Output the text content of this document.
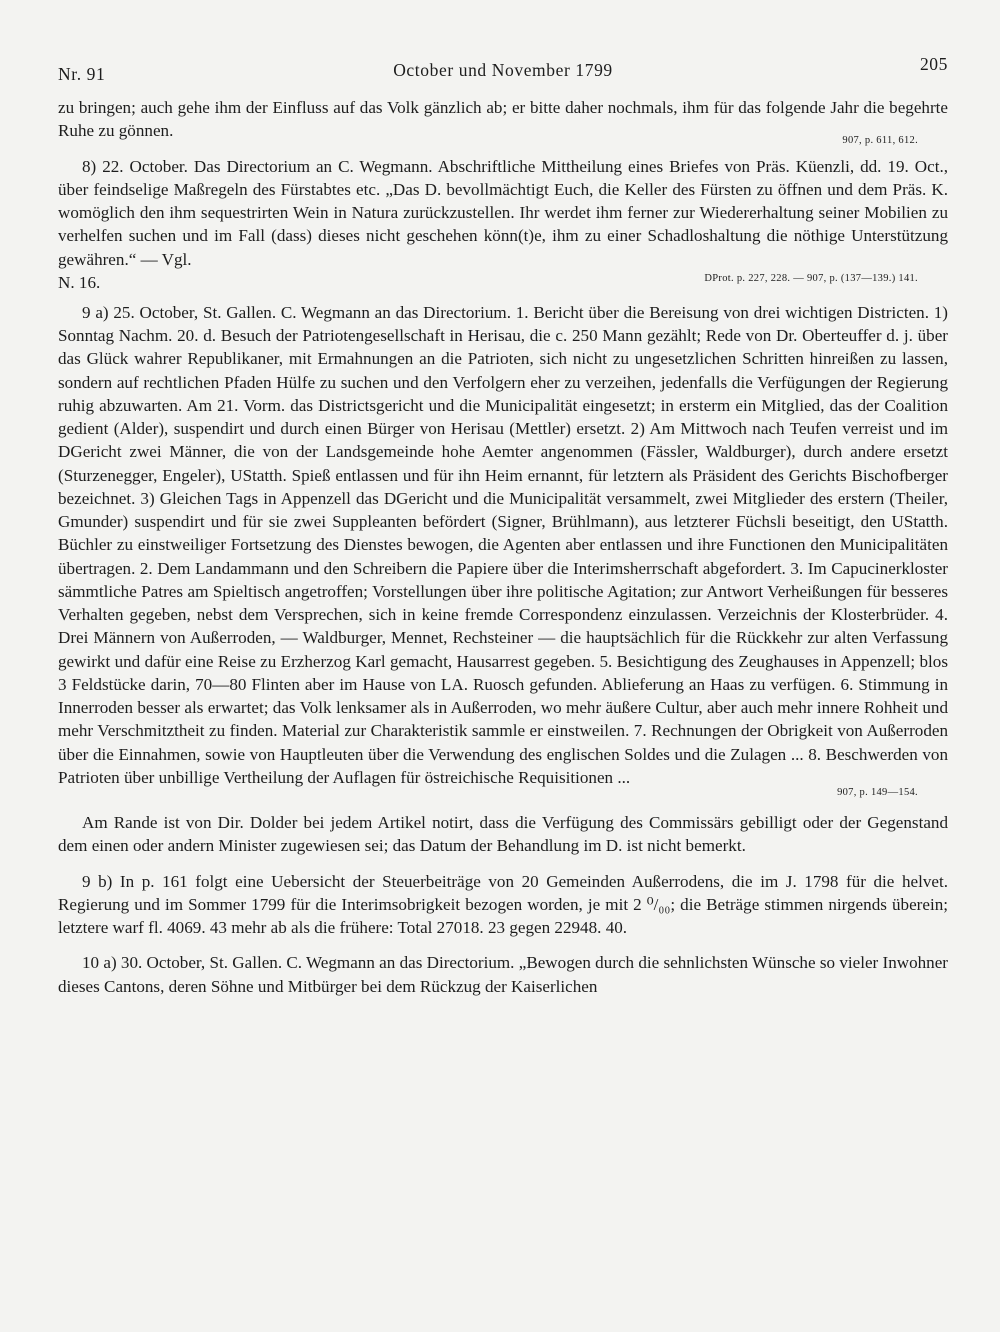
Nr. 91	October und November 1799	205

zu bringen; auch gehe ihm der Einfluss auf das Volk gänzlich ab; er bitte daher nochmals, ihm für das folgende Jahr die begehrte Ruhe zu gönnen.	907, p. 611, 612.

8) 22. October. Das Directorium an C. Wegmann. Abschriftliche Mittheilung eines Briefes von Präs. Küenzli, dd. 19. Oct., über feindselige Maßregeln des Fürstabtes etc. „Das D. bevollmächtigt Euch, die Keller des Fürsten zu öffnen und dem Präs. K. womöglich den ihm sequestrirten Wein in Natura zurückzustellen. Ihr werdet ihm ferner zur Wiedererhaltung seiner Mobilien zu verhelfen suchen und im Fall (dass) dieses nicht geschehen könn(t)e, ihm zu einer Schadloshaltung die nöthige Unterstützung gewähren.“ — Vgl.

N. 16.	DProt. p. 227, 228. — 907, p. (137—139.) 141.

9 a) 25. October, St. Gallen. C. Wegmann an das Directorium. 1. Bericht über die Bereisung von drei wichtigen Districten. 1) Sonntag Nachm. 20. d. Besuch der Patriotengesellschaft in Herisau, die c. 250 Mann gezählt; Rede von Dr. Oberteuffer d. j. über das Glück wahrer Republikaner, mit Ermahnungen an die Patrioten, sich nicht zu ungesetzlichen Schritten hinreißen zu lassen, sondern auf rechtlichen Pfaden Hülfe zu suchen und den Verfolgern eher zu verzeihen, jedenfalls die Verfügungen der Regierung ruhig abzuwarten. Am 21. Vorm. das Districtsgericht und die Municipalität eingesetzt; in ersterm ein Mitglied, das der Coalition gedient (Alder), suspendirt und durch einen Bürger von Herisau (Mettler) ersetzt. 2) Am Mittwoch nach Teufen verreist und im DGericht zwei Männer, die von der Landsgemeinde hohe Aemter angenommen (Fässler, Waldburger), durch andere ersetzt (Sturzenegger, Engeler), UStatth. Spieß entlassen und für ihn Heim ernannt, für letztern als Präsident des Gerichts Bischofberger bezeichnet. 3) Gleichen Tags in Appenzell das DGericht und die Municipalität versammelt, zwei Mitglieder des erstern (Theiler, Gmunder) suspendirt und für sie zwei Suppleanten befördert (Signer, Brühlmann), aus letzterer Füchsli beseitigt, den UStatth. Büchler zu einstweiliger Fortsetzung des Dienstes bewogen, die Agenten aber entlassen und ihre Functionen den Municipalitäten übertragen. 2. Dem Landammann und den Schreibern die Papiere über die Interimsherrschaft abgefordert. 3. Im Capucinerkloster sämmtliche Patres am Spieltisch angetroffen; Vorstellungen über ihre politische Agitation; zur Antwort Verheißungen für besseres Verhalten gegeben, nebst dem Versprechen, sich in keine fremde Correspondenz einzulassen. Verzeichnis der Klosterbrüder. 4. Drei Männern von Außerroden, — Waldburger, Mennet, Rechsteiner — die hauptsächlich für die Rückkehr zur alten Verfassung gewirkt und dafür eine Reise zu Erzherzog Karl gemacht, Hausarrest gegeben. 5. Besichtigung des Zeughauses in Appenzell; blos 3 Feldstücke darin, 70—80 Flinten aber im Hause von LA. Ruosch gefunden. Ablieferung an Haas zu verfügen. 6. Stimmung in Innerroden besser als erwartet; das Volk lenksamer als in Außerroden, wo mehr äußere Cultur, aber auch mehr innere Rohheit und mehr Verschmitztheit zu finden. Material zur Charakteristik sammle er einstweilen. 7. Rechnungen der Obrigkeit von Außerroden über die Einnahmen, sowie von Hauptleuten über die Verwendung des englischen Soldes und die Zulagen ... 8. Beschwerden von Patrioten über unbillige Vertheilung der Auflagen für östreichische Requisitionen ...

907, p. 149—154.

Am Rande ist von Dir. Dolder bei jedem Artikel notirt, dass die Verfügung des Commissärs gebilligt oder der Gegenstand dem einen oder andern Minister zugewiesen sei; das Datum der Behandlung im D. ist nicht bemerkt.

9 b) In p. 161 folgt eine Uebersicht der Steuerbeiträge von 20 Gemeinden Außerrodens, die im J. 1798 für die helvet. Regierung und im Sommer 1799 für die Interimsobrigkeit bezogen worden, je mit 2 ⁰/₀₀; die Beträge stimmen nirgends überein; letztere warf fl. 4069. 43 mehr ab als die frühere: Total 27018. 23 gegen 22948. 40.

10 a) 30. October, St. Gallen. C. Wegmann an das Directorium. „Bewogen durch die sehnlichsten Wünsche so vieler Inwohner dieses Cantons, deren Söhne und Mitbürger bei dem Rückzug der Kaiserlichen
